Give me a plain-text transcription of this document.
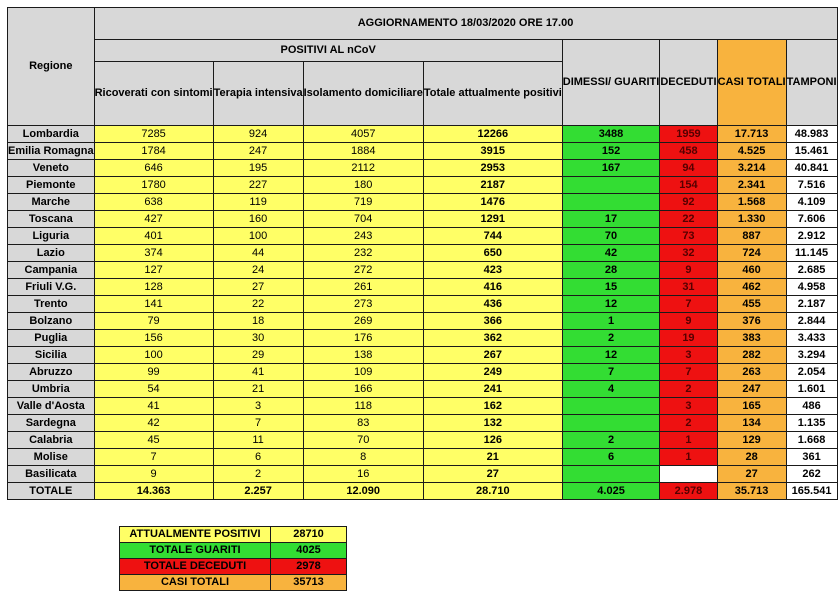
Regione	AGGIORNAMENTO 18/03/2020 ORE 17.00							
	POSITIVI AL nCoV				DIMESSI/ GUARITI	DECEDUTI	CASI TOTALI	TAMPONI
	Ricoverati con sintomi	Terapia intensiva	Isolamento domiciliare	Totale attualmente positivi				
Lombardia	7285	924	4057	12266	3488	1959	17.713	48.983
Emilia Romagna	1784	247	1884	3915	152	458	4.525	15.461
Veneto	646	195	2112	2953	167	94	3.214	40.841
Piemonte	1780	227	180	2187		154	2.341	7.516
Marche	638	119	719	1476		92	1.568	4.109
Toscana	427	160	704	1291	17	22	1.330	7.606
Liguria	401	100	243	744	70	73	887	2.912
Lazio	374	44	232	650	42	32	724	11.145
Campania	127	24	272	423	28	9	460	2.685
Friuli V.G.	128	27	261	416	15	31	462	4.958
Trento	141	22	273	436	12	7	455	2.187
Bolzano	79	18	269	366	1	9	376	2.844
Puglia	156	30	176	362	2	19	383	3.433
Sicilia	100	29	138	267	12	3	282	3.294
Abruzzo	99	41	109	249	7	7	263	2.054
Umbria	54	21	166	241	4	2	247	1.601
Valle d'Aosta	41	3	118	162		3	165	486
Sardegna	42	7	83	132		2	134	1.135
Calabria	45	11	70	126	2	1	129	1.668
Molise	7	6	8	21	6	1	28	361
Basilicata	9	2	16	27			27	262
TOTALE	14.363	2.257	12.090	28.710	4.025	2.978	35.713	165.541
ATTUALMENTE POSITIVI	28710
TOTALE GUARITI	4025
TOTALE DECEDUTI	2978
CASI TOTALI	35713
